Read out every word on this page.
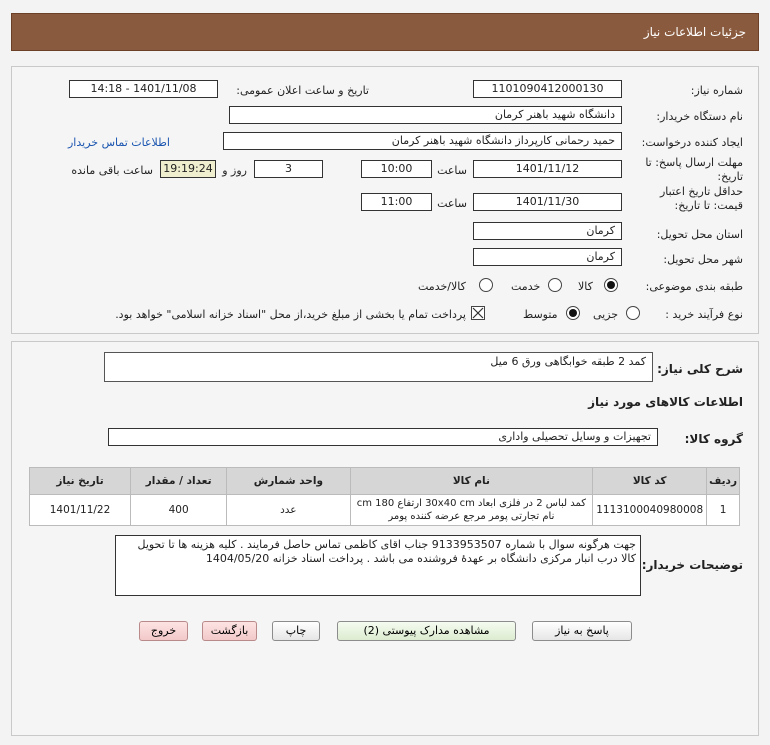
جزئیات اطلاعات نیاز
شماره نیاز:
1101090412000130
تاریخ و ساعت اعلان عمومی:
1401/11/08 - 14:18
نام دستگاه خریدار:
دانشگاه شهید باهنر کرمان
ایجاد کننده درخواست:
حمید رحمانی کارپرداز دانشگاه شهید باهنر کرمان
اطلاعات تماس خریدار
مهلت ارسال پاسخ: تا تاریخ:
1401/11/12
ساعت
10:00
3
روز و
19:19:24
ساعت باقی مانده
حداقل تاریخ اعتبار قیمت: تا تاریخ:
1401/11/30
ساعت
11:00
استان محل تحویل:
کرمان
شهر محل تحویل:
کرمان
طبقه بندی موضوعی:
کالا
خدمت
کالا/خدمت
نوع فرآیند خرید :
جزیی
متوسط
پرداخت تمام یا بخشی از مبلغ خرید،از محل "اسناد خزانه اسلامی" خواهد بود.
شرح کلی نیاز:
کمد 2 طبقه خوابگاهی ورق 6 میل
اطلاعات کالاهای مورد نیاز
گروه کالا:
تجهیزات و وسایل تحصیلی واداری
ردیف	کد کالا	نام کالا	واحد شمارش	تعداد / مقدار	تاریخ نیاز
1	1113100040980008	کمد لباس 2 در فلزی ابعاد 30x40 cm ارتفاع 180 cm نام تجارتی پومر مرجع عرضه کننده پومر	عدد	400	1401/11/22
توضیحات خریدار:
جهت هرگونه سوال با شماره 9133953507 جناب اقای کاظمی تماس حاصل فرمایند . کلیه هزینه ها تا تحویل کالا درب انبار مرکزی دانشگاه بر عهدهٔ فروشنده می باشد . پرداخت اسناد خزانه 1404/05/20
پاسخ به نیاز
مشاهده مدارک پیوستی (2)
چاپ
بازگشت
خروج
